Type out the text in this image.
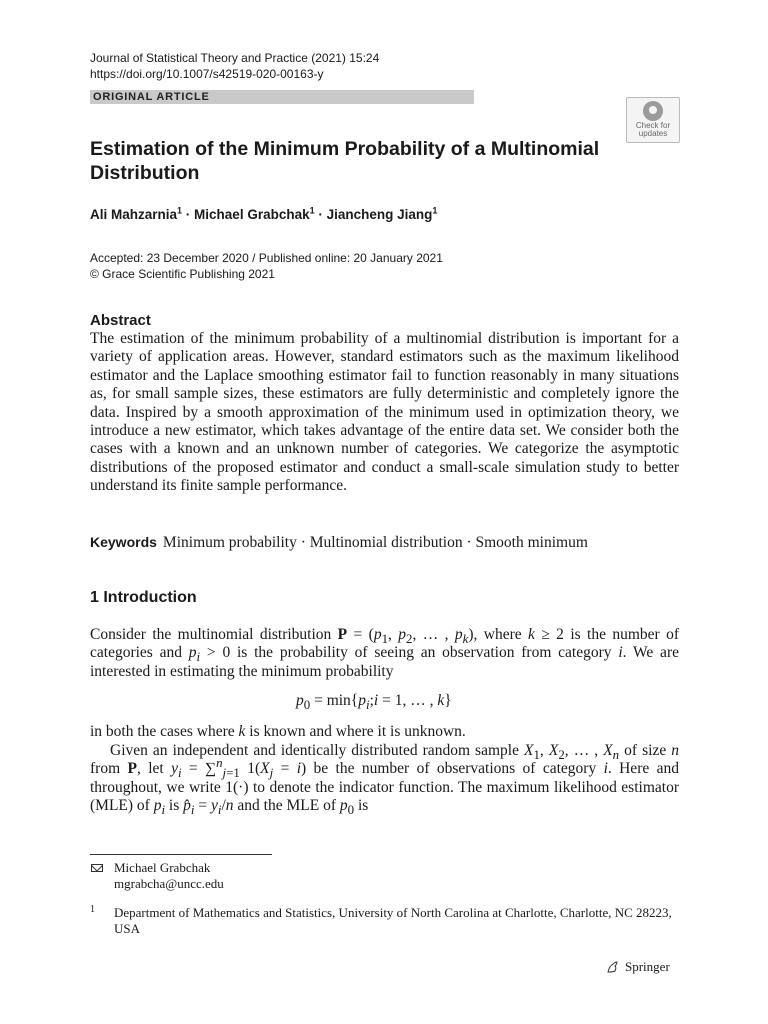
Journal of Statistical Theory and Practice (2021) 15:24
https://doi.org/10.1007/s42519-020-00163-y
ORIGINAL ARTICLE
Check for
updates
Estimation of the Minimum Probability of a Multinomial Distribution
Ali Mahzarnia$^1$ · Michael Grabchak$^1$ · Jiancheng Jiang$^1$
Accepted: 23 December 2020 / Published online: 20 January 2021
© Grace Scientific Publishing 2021
Abstract
The estimation of the minimum probability of a multinomial distribution is important for a variety of application areas. However, standard estimators such as the maximum likelihood estimator and the Laplace smoothing estimator fail to function reasonably in many situations as, for small sample sizes, these estimators are fully deterministic and completely ignore the data. Inspired by a smooth approximation of the minimum used in optimization theory, we introduce a new estimator, which takes advantage of the entire data set. We consider both the cases with a known and an unknown number of categories. We categorize the asymptotic distributions of the proposed estimator and conduct a small-scale simulation study to better understand its finite sample performance.
Keywords Minimum probability · Multinomial distribution · Smooth minimum
1 Introduction
Consider the multinomial distribution $P = (p_1$, $p_2$, … , $p_k$), where k ≥ 2 is the number of categories and $p_i > 0$ is the probability of seeing an observation from category i. We are interested in estimating the minimum probability
$p_0$ = $\min\{p_i;i = 1$, … , k}
in both the cases where k is known and where it is unknown.
Given an independent and identically distributed random sample $X_1$, $X_2$, … , $X_n$ of size n from P, let $y_i = \sum^n_{j=1}$ $1(X_j = i)$ be the number of observations of category i. Here and throughout, we write 1(·) to denote the indicator function. The maximum likelihood estimator (MLE) of $p_i$ is $p̂_i = y_i/n$ and the MLE of $p_0$ is
Michael Grabchak
mgrabcha@uncc.edu
1 Department of Mathematics and Statistics, University of North Carolina at Charlotte, Charlotte, NC 28223, USA
Springer
